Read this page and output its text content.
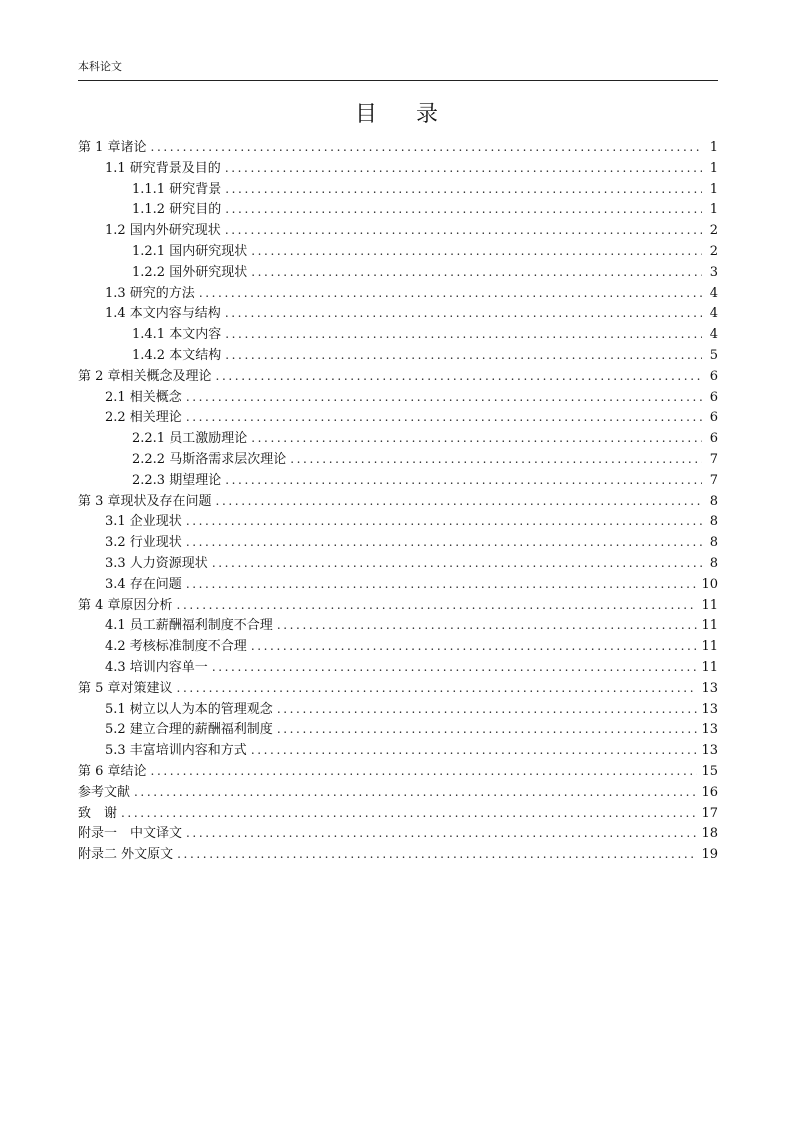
本科论文
目 录
第 1 章诸论 .....	1
1.1 研究背景及目的 .....	1
1.1.1 研究背景 .....	1
1.1.2 研究目的 .....	1
1.2 国内外研究现状 .....	2
1.2.1 国内研究现状 .....	2
1.2.2 国外研究现状 .....	3
1.3 研究的方法 .....	4
1.4 本文内容与结构 .....	4
1.4.1 本文内容 .....	4
1.4.2 本文结构 .....	5
第 2 章相关概念及理论 .....	6
2.1 相关概念 .....	6
2.2 相关理论 .....	6
2.2.1 员工激励理论 .....	6
2.2.2 马斯洛需求层次理论 .....	7
2.2.3 期望理论 .....	7
第 3 章现状及存在问题 .....	8
3.1 企业现状 .....	8
3.2 行业现状 .....	8
3.3 人力资源现状 .....	8
3.4 存在问题 .....	10
第 4 章原因分析 .....	11
4.1 员工薪酬福利制度不合理 .....	11
4.2 考核标准制度不合理 .....	11
4.3 培训内容单一 .....	11
第 5 章对策建议 .....	13
5.1 树立以人为本的管理观念 .....	13
5.2 建立合理的薪酬福利制度 .....	13
5.3 丰富培训内容和方式 .....	13
第 6 章结论 .....	15
参考文献 .....	16
致　谢 .....	17
附录一　中文译文 .....	18
附录二 外文原文 .....	19
